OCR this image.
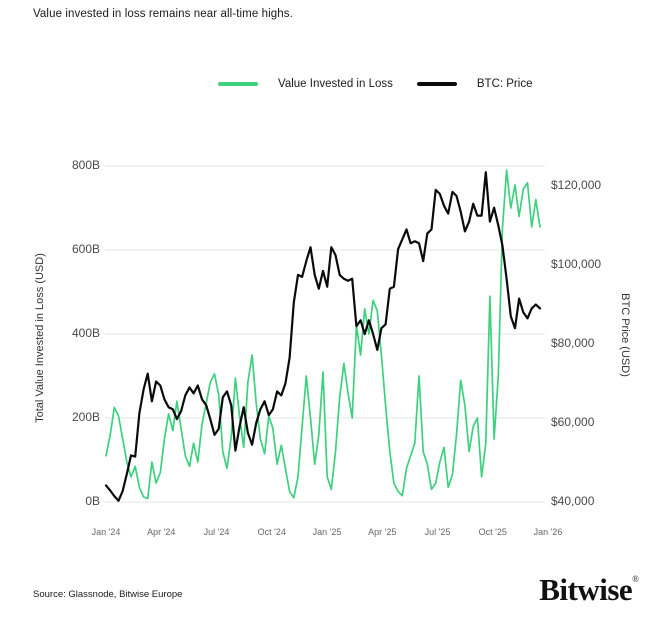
Value invested in loss remains near all-time highs.
Value Invested in Loss	BTC: Price
Total Value Invested in Loss (USD)	BTC Price (USD)
0B
200B
400B
600B
800B
$40,000
$60,000
$80,000
$100,000
$120,000
Jan '24	Apr '24	Jul '24	Oct '24	Jan '25	Apr '25	Jul '25	Oct '25	Jan '26
Source: Glassnode, Bitwise Europe	Bitwise®
